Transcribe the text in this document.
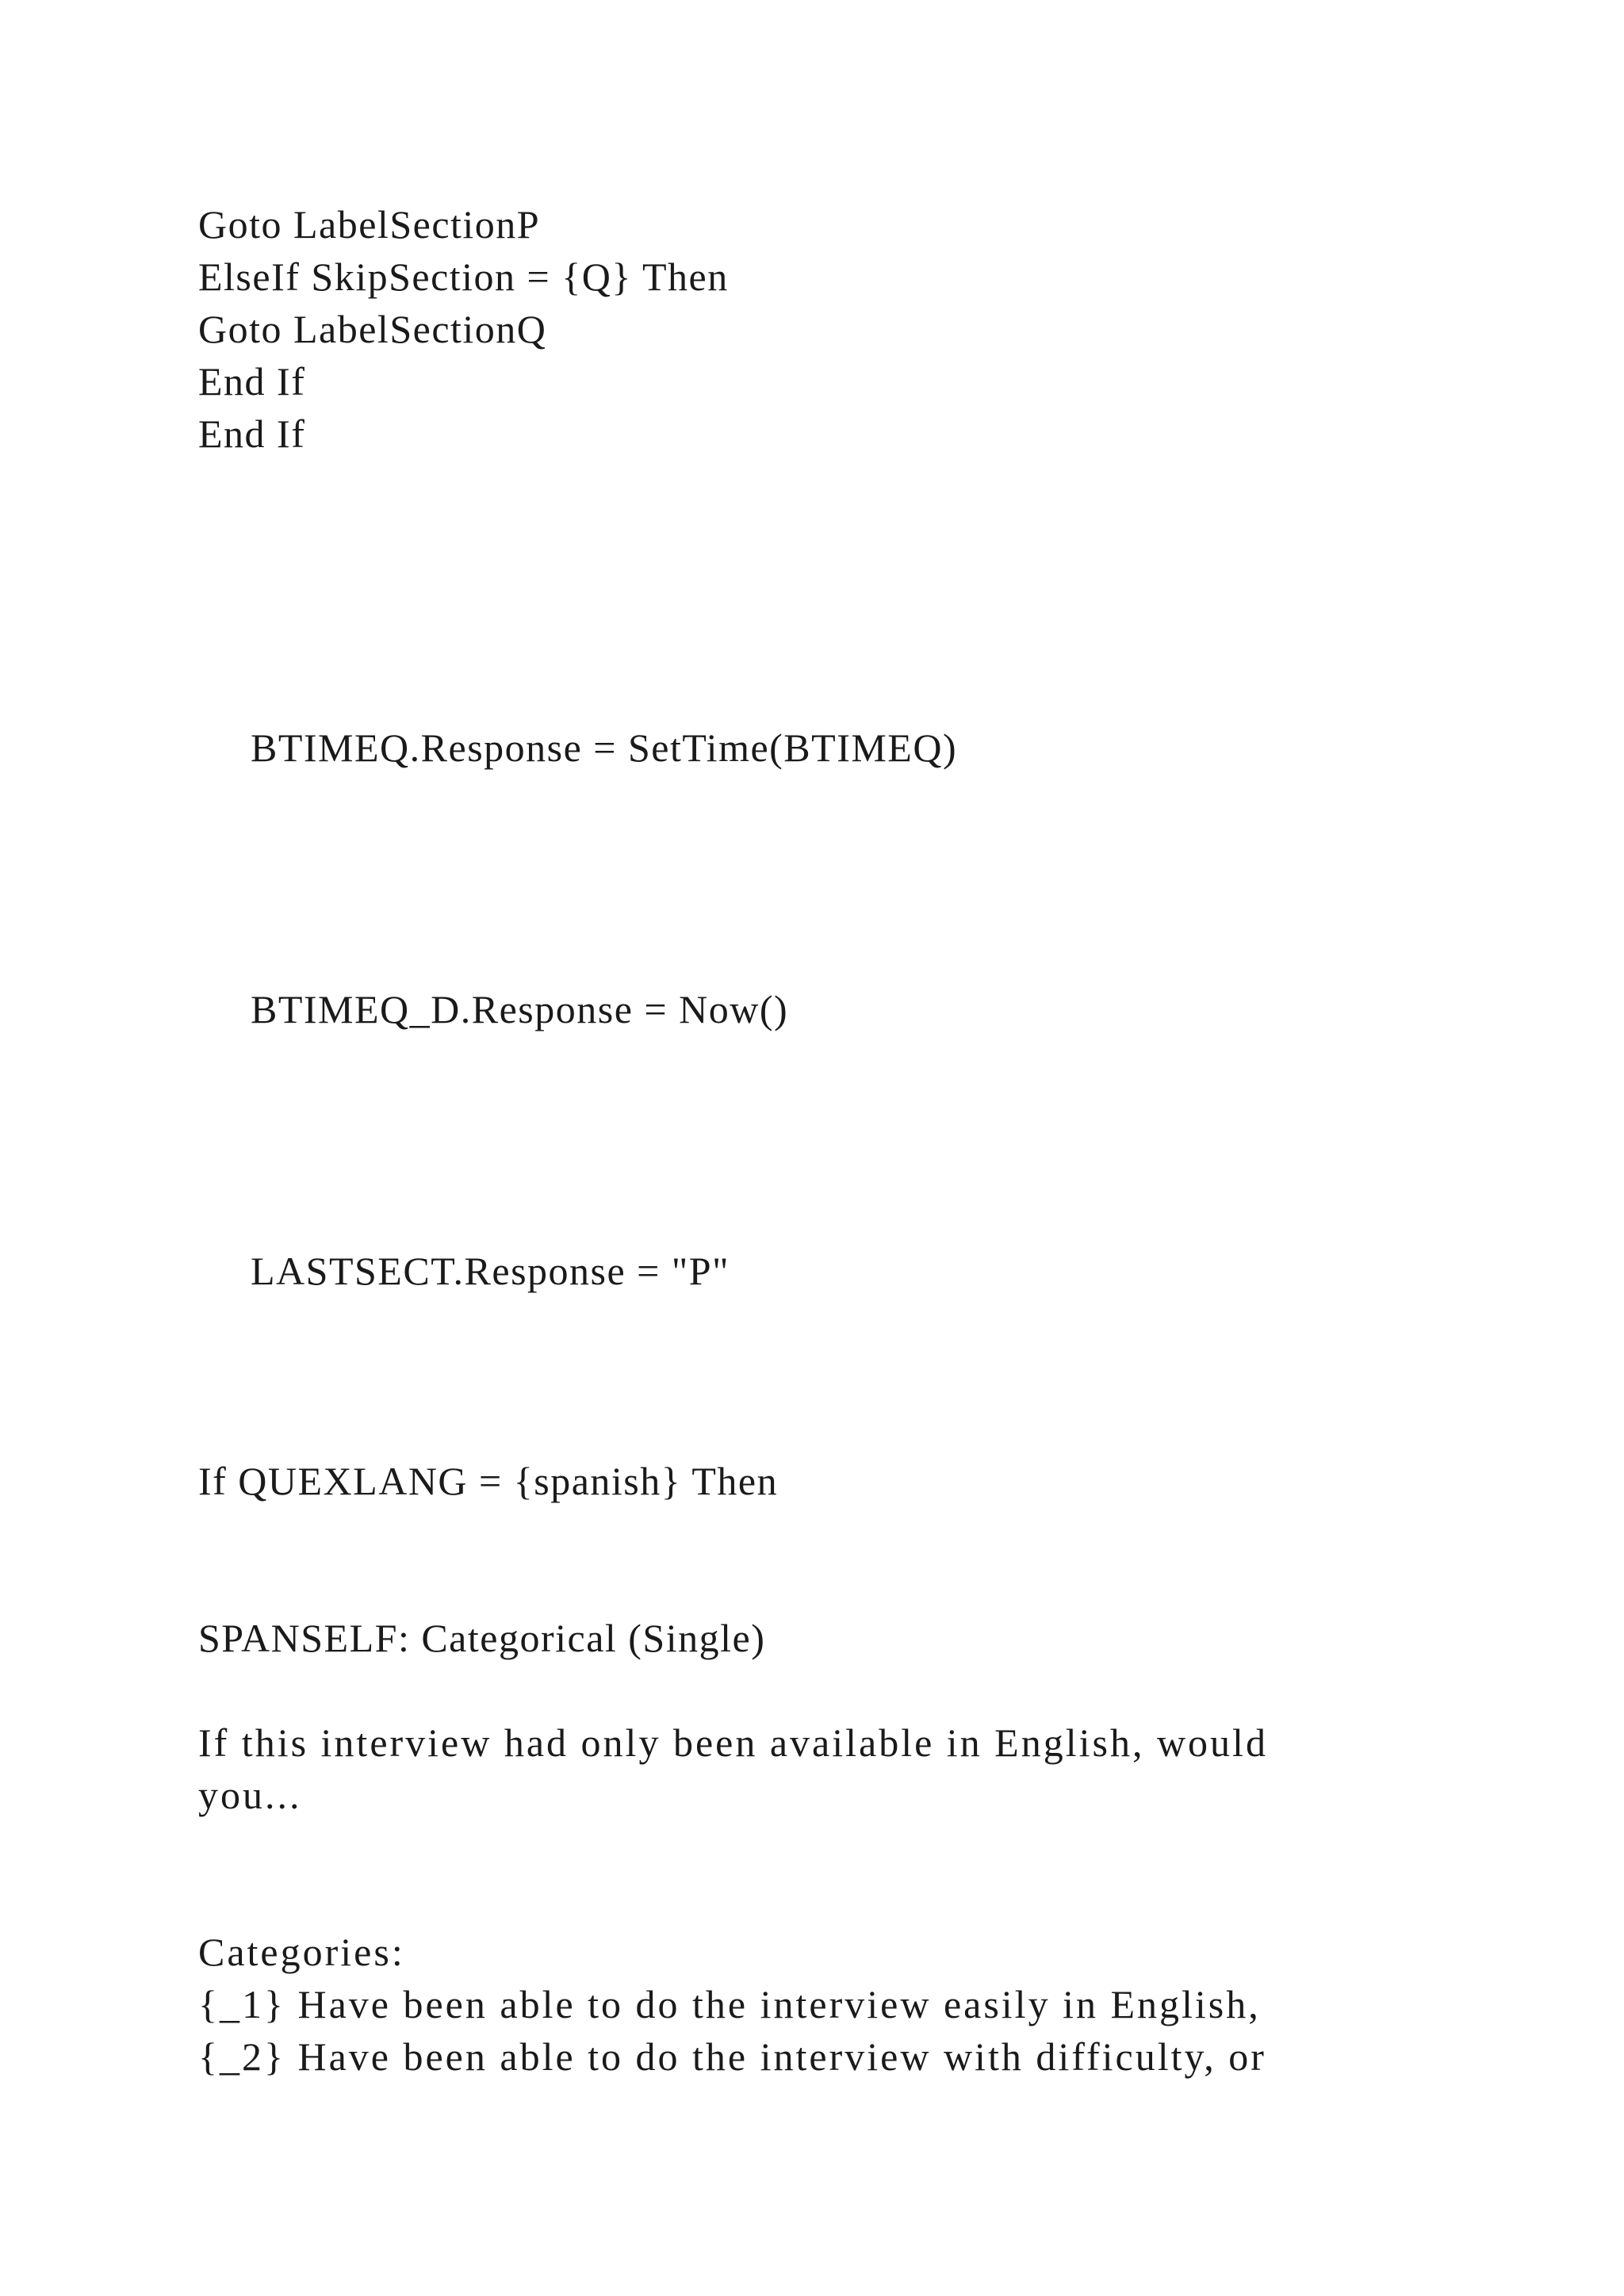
Goto LabelSectionP
ElseIf SkipSection = {Q} Then
Goto LabelSectionQ
End If
End If
BTIMEQ.Response = SetTime(BTIMEQ)
BTIMEQ_D.Response = Now()
LASTSECT.Response = "P"
If QUEXLANG = {spanish} Then
SPANSELF: Categorical (Single)
If this interview had only been available in English, would
you...
Categories:
{_1} Have been able to do the interview easily in English,
{_2} Have been able to do the interview with difficulty, or
